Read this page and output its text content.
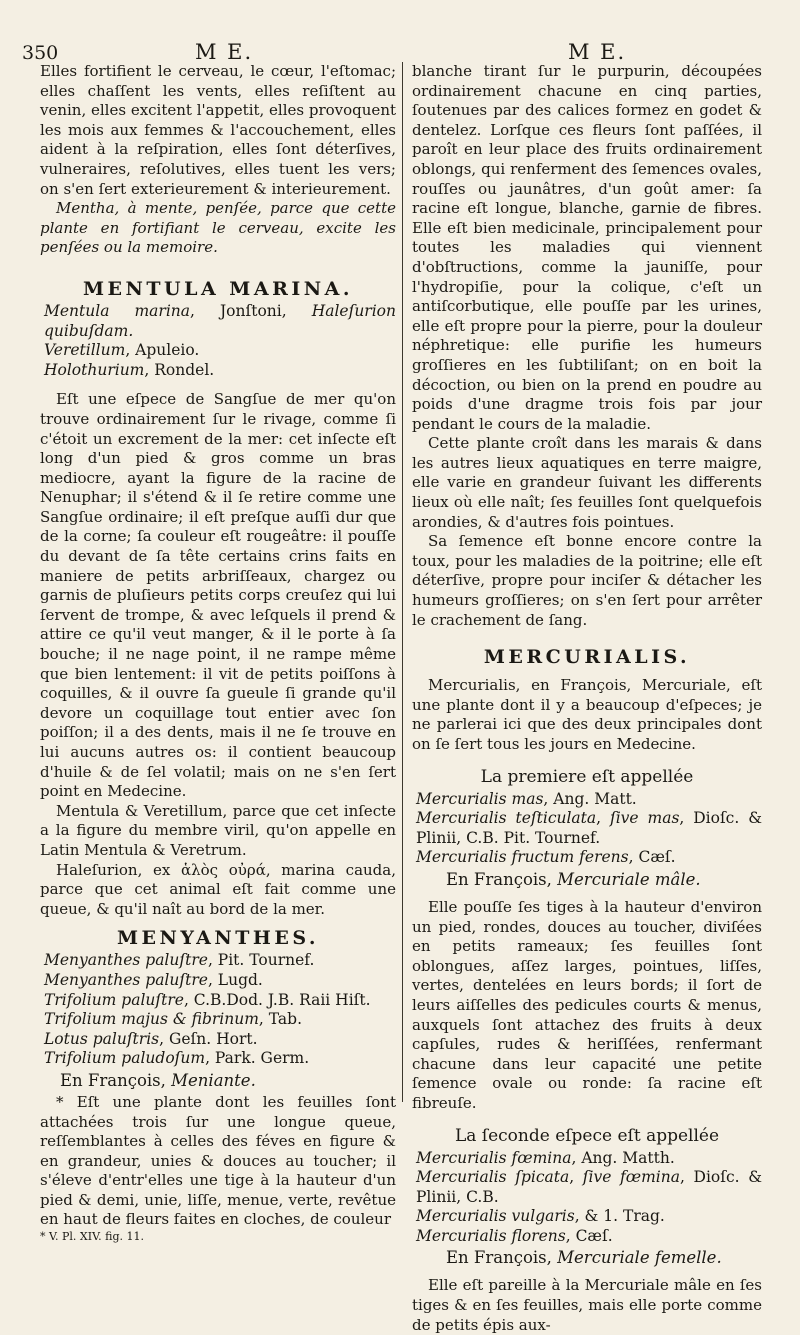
350	M E.	M E.

Elles fortifient le cerveau, le cœur, l'eſtomac; elles chaſſent les vents, elles reſiſtent au venin, elles excitent l'appetit, elles provoquent les mois aux femmes & l'accouchement, elles aident à la reſpiration, elles ſont déterſives, vulneraires, reſolutives, elles tuent les vers; on s'en ſert exterieurement & interieurement.

Mentha, à mente, penſée, parce que cette plante en fortifiant le cerveau, excite les penſées ou la memoire.

MENTULA MARINA.

Mentula marina, Jonſtoni, Haleſurion quibuſdam.

Veretillum, Apuleio.

Holothurium, Rondel.

Eſt une eſpece de Sangſue de mer qu'on trouve ordinairement ſur le rivage, comme ſi c'étoit un excrement de la mer: cet inſecte eſt long d'un pied & gros comme un bras mediocre, ayant la figure de la racine de Nenuphar; il s'étend & il ſe retire comme une Sangſue ordinaire; il eſt preſque auſſi dur que de la corne; ſa couleur eſt rougeâtre: il pouſſe du devant de ſa tête certains crins faits en maniere de petits arbriſſeaux, chargez ou garnis de pluſieurs petits corps creuſez qui lui ſervent de trompe, & avec leſquels il prend & attire ce qu'il veut manger, & il le porte à ſa bouche; il ne nage point, il ne rampe même que bien lentement: il vit de petits poiſſons à coquilles, & il ouvre ſa gueule ſi grande qu'il devore un coquillage tout entier avec ſon poiſſon; il a des dents, mais il ne ſe trouve en lui aucuns autres os: il contient beaucoup d'huile & de ſel volatil; mais on ne s'en ſert point en Medecine.

Mentula & Veretillum, parce que cet inſecte a la figure du membre viril, qu'on appelle en Latin Mentula & Veretrum.

Haleſurion, ex ἁλὸς οὐρά, marina cauda, parce que cet animal eſt fait comme une queue, & qu'il naît au bord de la mer.

MENYANTHES.

Menyanthes paluſtre, Pit. Tournef.

Menyanthes paluſtre, Lugd.

Trifolium paluſtre, C.B.Dod. J.B. Raii Hiſt.

Trifolium majus & fibrinum, Tab.

Lotus paluſtris, Geſn. Hort.

Trifolium paludoſum, Park. Germ.

En François, Meniante.

* Eſt une plante dont les feuilles ſont attachées trois ſur une longue queue, reſſemblantes à celles des féves en figure & en grandeur, unies & douces au toucher; il s'éleve d'entr'elles une tige à la hauteur d'un pied & demi, unie, liſſe, menue, verte, revêtue en haut de fleurs faites en cloches, de couleur

* V. Pl. XIV. fig. 11.

blanche tirant ſur le purpurin, découpées ordinairement chacune en cinq parties, ſoutenues par des calices formez en godet & dentelez. Lorſque ces fleurs ſont paſſées, il paroît en leur place des fruits ordinairement oblongs, qui renferment des ſemences ovales, rouſſes ou jaunâtres, d'un goût amer: ſa racine eſt longue, blanche, garnie de fibres. Elle eſt bien medicinale, principalement pour toutes les maladies qui viennent d'obſtructions, comme la jauniſſe, pour l'hydropiſie, pour la colique, c'eſt un antiſcorbutique, elle pouſſe par les urines, elle eſt propre pour la pierre, pour la douleur néphretique: elle purifie les humeurs groſſieres en les ſubtiliſant; on en boit la décoction, ou bien on la prend en poudre au poids d'une dragme trois fois par jour pendant le cours de la maladie.

Cette plante croît dans les marais & dans les autres lieux aquatiques en terre maigre, elle varie en grandeur ſuivant les differents lieux où elle naît; ſes feuilles ſont quelquefois arondies, & d'autres fois pointues.

Sa ſemence eſt bonne encore contre la toux, pour les maladies de la poitrine; elle eſt déterſive, propre pour inciſer & détacher les humeurs groſſieres; on s'en ſert pour arrêter le crachement de ſang.

MERCURIALIS.

Mercurialis, en François, Mercuriale, eſt une plante dont il y a beaucoup d'eſpeces; je ne parlerai ici que des deux principales dont on ſe ſert tous les jours en Medecine.

La premiere eſt appellée

Mercurialis mas, Ang. Matt.

Mercurialis teſticulata, ſive mas, Dioſc. & Plinii, C.B. Pit. Tournef.

Mercurialis fructum ferens, Cæſ.

En François, Mercuriale mâle.

Elle pouſſe ſes tiges à la hauteur d'environ un pied, rondes, douces au toucher, diviſées en petits rameaux; ſes feuilles ſont oblongues, aſſez larges, pointues, liſſes, vertes, dentelées en leurs bords; il ſort de leurs aiſſelles des pedicules courts & menus, auxquels ſont attachez des fruits à deux capſules, rudes & heriſſées, renfermant chacune dans leur capacité une petite ſemence ovale ou ronde: ſa racine eſt fibreuſe.

La ſeconde eſpece eſt appellée

Mercurialis fœmina, Ang. Matth.

Mercurialis ſpicata, ſive fœmina, Dioſc. & Plinii, C.B.

Mercurialis vulgaris, & 1. Trag.

Mercurialis florens, Cæſ.

En François, Mercuriale femelle.

Elle eſt pareille à la Mercuriale mâle en ſes tiges & en ſes feuilles, mais elle porte comme de petits épis aux-
